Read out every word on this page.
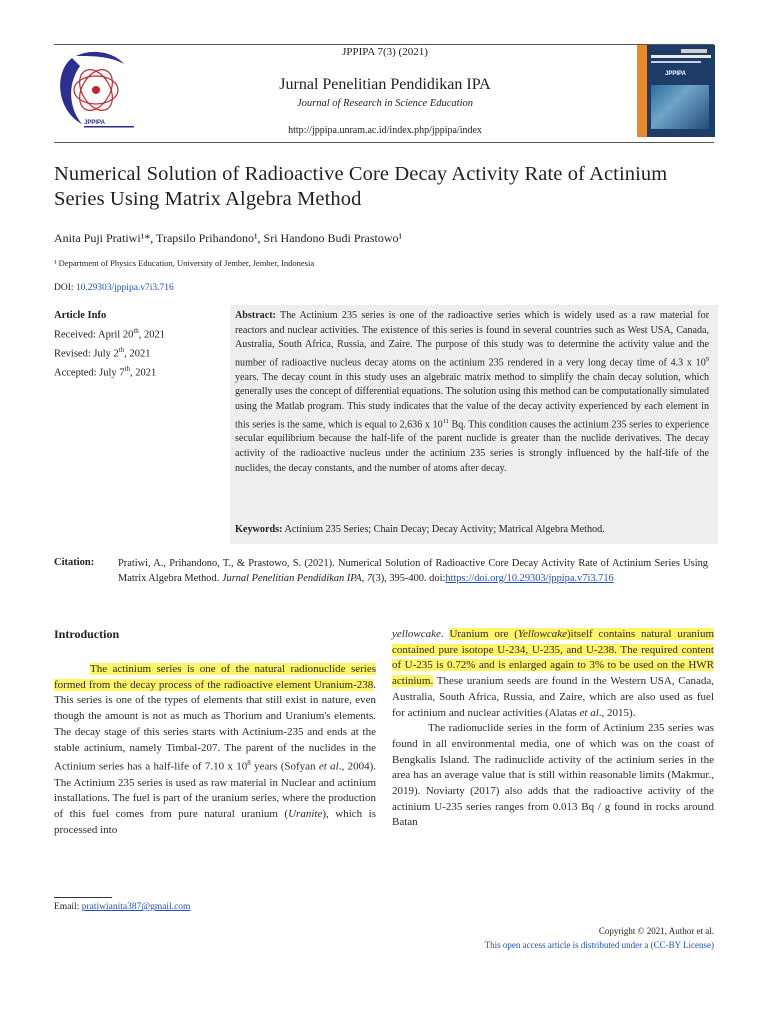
JPPIPA
JPPIPA 7(3) (2021)
Jurnal Penelitian Pendidikan IPA
Journal of Research in Science Education
http://jppipa.unram.ac.id/index.php/jppipa/index
JPPIPA
Numerical Solution of Radioactive Core Decay Activity Rate of Actinium Series Using Matrix Algebra Method
Anita Puji Pratiwi¹*, Trapsilo Prihandono¹, Sri Handono Budi Prastowo¹
¹ Department of Physics Education, University of Jember, Jember, Indonesia
DOI: 10.29303/jppipa.v7i3.716
Article Info
Received: April 20th, 2021
Revised: July 2th, 2021
Accepted: July 7th, 2021
Abstract: The Actinium 235 series is one of the radioactive series which is widely used as a raw material for reactors and nuclear activities. The existence of this series is found in several countries such as West USA, Canada, Australia, South Africa, Russia, and Zaire. The purpose of this study was to determine the activity value and the number of radioactive nucleus decay atoms on the actinium 235 rendered in a very long decay time of 4.3 x $10^9$ years. The decay count in this study uses an algebraic matrix method to simplify the chain decay solution, which generally uses the concept of differential equations. The solution using this method can be computationally simulated using the Matlab program. This study indicates that the value of the decay activity experienced by each element in this series is the same, which is equal to 2,636 x $10^{11}$ Bq. This condition causes the actinium 235 series to experience secular equilibrium because the half-life of the parent nuclide is greater than the nuclide derivatives. The decay activity of the radioactive nucleus under the actinium 235 series is strongly influenced by the half-life of the nuclides, the decay constants, and the number of atoms after decay.
Keywords: Actinium 235 Series; Chain Decay; Decay Activity; Matrical Algebra Method.
Citation: Pratiwi, A., Prihandono, T., & Prastowo, S. (2021). Numerical Solution of Radioactive Core Decay Activity Rate of Actinium Series Using Matrix Algebra Method. Jurnal Penelitian Pendidikan IPA, 7(3), 395-400. doi:https://doi.org/10.29303/jppipa.v7i3.716
Introduction
The actinium series is one of the natural radionuclide series formed from the decay process of the radioactive element Uranium-238. This series is one of the types of elements that still exist in nature, even though the amount is not as much as Thorium and Uranium's elements. The decay stage of this series starts with Actinium-235 and ends at the stable actinium, namely Timbal-207. The parent of the nuclides in the Actinium series has a half-life of 7.10 x $10^8$ years (Sofyan et al., 2004). The Actinium 235 series is used as raw material in Nuclear and actinium installations. The fuel is part of the uranium series, where the production of this fuel comes from pure natural uranium (Uranite), which is processed into
yellowcake. Uranium ore (Yellowcake)itself contains natural uranium contained pure isotope U-234, U-235, and U-238. The required content of U-235 is 0.72% and is enlarged again to 3% to be used on the HWR actinium. These uranium seeds are found in the Western USA, Canada, Australia, South Africa, Russia, and Zaire, which are also used as fuel for actinium and nuclear activities (Alatas et al., 2015).
The radionuclide series in the form of Actinium 235 series was found in all environmental media, one of which was on the coast of Bengkalis Island. The radinuclide activity of the actinium series in the area has an average value that is still within reasonable limits (Makmur., 2019). Noviarty (2017) also adds that the radioactive activity of the actinium U-235 series ranges from 0.013 Bq / g found in rocks around Batan
Email: pratiwianita387@gmail.com
Copyright © 2021, Author et al.
This open access article is distributed under a (CC-BY License)
